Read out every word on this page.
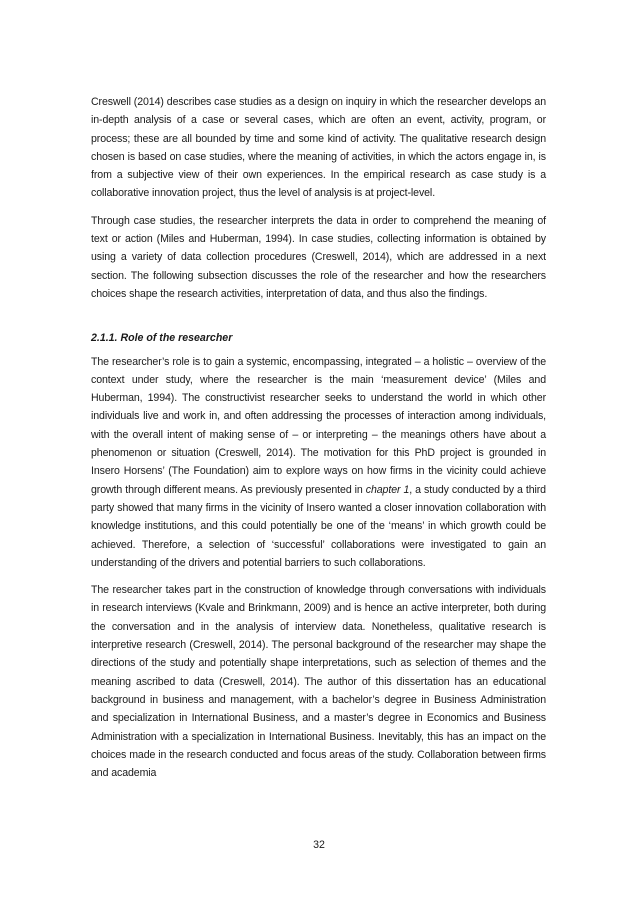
Creswell (2014) describes case studies as a design on inquiry in which the researcher develops an in-depth analysis of a case or several cases, which are often an event, activity, program, or process; these are all bounded by time and some kind of activity. The qualitative research design chosen is based on case studies, where the meaning of activities, in which the actors engage in, is from a subjective view of their own experiences. In the empirical research as case study is a collaborative innovation project, thus the level of analysis is at project-level.

Through case studies, the researcher interprets the data in order to comprehend the meaning of text or action (Miles and Huberman, 1994). In case studies, collecting information is obtained by using a variety of data collection procedures (Creswell, 2014), which are addressed in a next section. The following subsection discusses the role of the researcher and how the researchers choices shape the research activities, interpretation of data, and thus also the findings.

2.1.1. Role of the researcher

The researcher’s role is to gain a systemic, encompassing, integrated – a holistic – overview of the context under study, where the researcher is the main ‘measurement device’ (Miles and Huberman, 1994). The constructivist researcher seeks to understand the world in which other individuals live and work in, and often addressing the processes of interaction among individuals, with the overall intent of making sense of – or interpreting – the meanings others have about a phenomenon or situation (Creswell, 2014). The motivation for this PhD project is grounded in Insero Horsens’ (The Foundation) aim to explore ways on how firms in the vicinity could achieve growth through different means. As previously presented in chapter 1, a study conducted by a third party showed that many firms in the vicinity of Insero wanted a closer innovation collaboration with knowledge institutions, and this could potentially be one of the ‘means’ in which growth could be achieved. Therefore, a selection of ‘successful’ collaborations were investigated to gain an understanding of the drivers and potential barriers to such collaborations.

The researcher takes part in the construction of knowledge through conversations with individuals in research interviews (Kvale and Brinkmann, 2009) and is hence an active interpreter, both during the conversation and in the analysis of interview data. Nonetheless, qualitative research is interpretive research (Creswell, 2014). The personal background of the researcher may shape the directions of the study and potentially shape interpretations, such as selection of themes and the meaning ascribed to data (Creswell, 2014). The author of this dissertation has an educational background in business and management, with a bachelor’s degree in Business Administration and specialization in International Business, and a master’s degree in Economics and Business Administration with a specialization in International Business. Inevitably, this has an impact on the choices made in the research conducted and focus areas of the study. Collaboration between firms and academia

32
